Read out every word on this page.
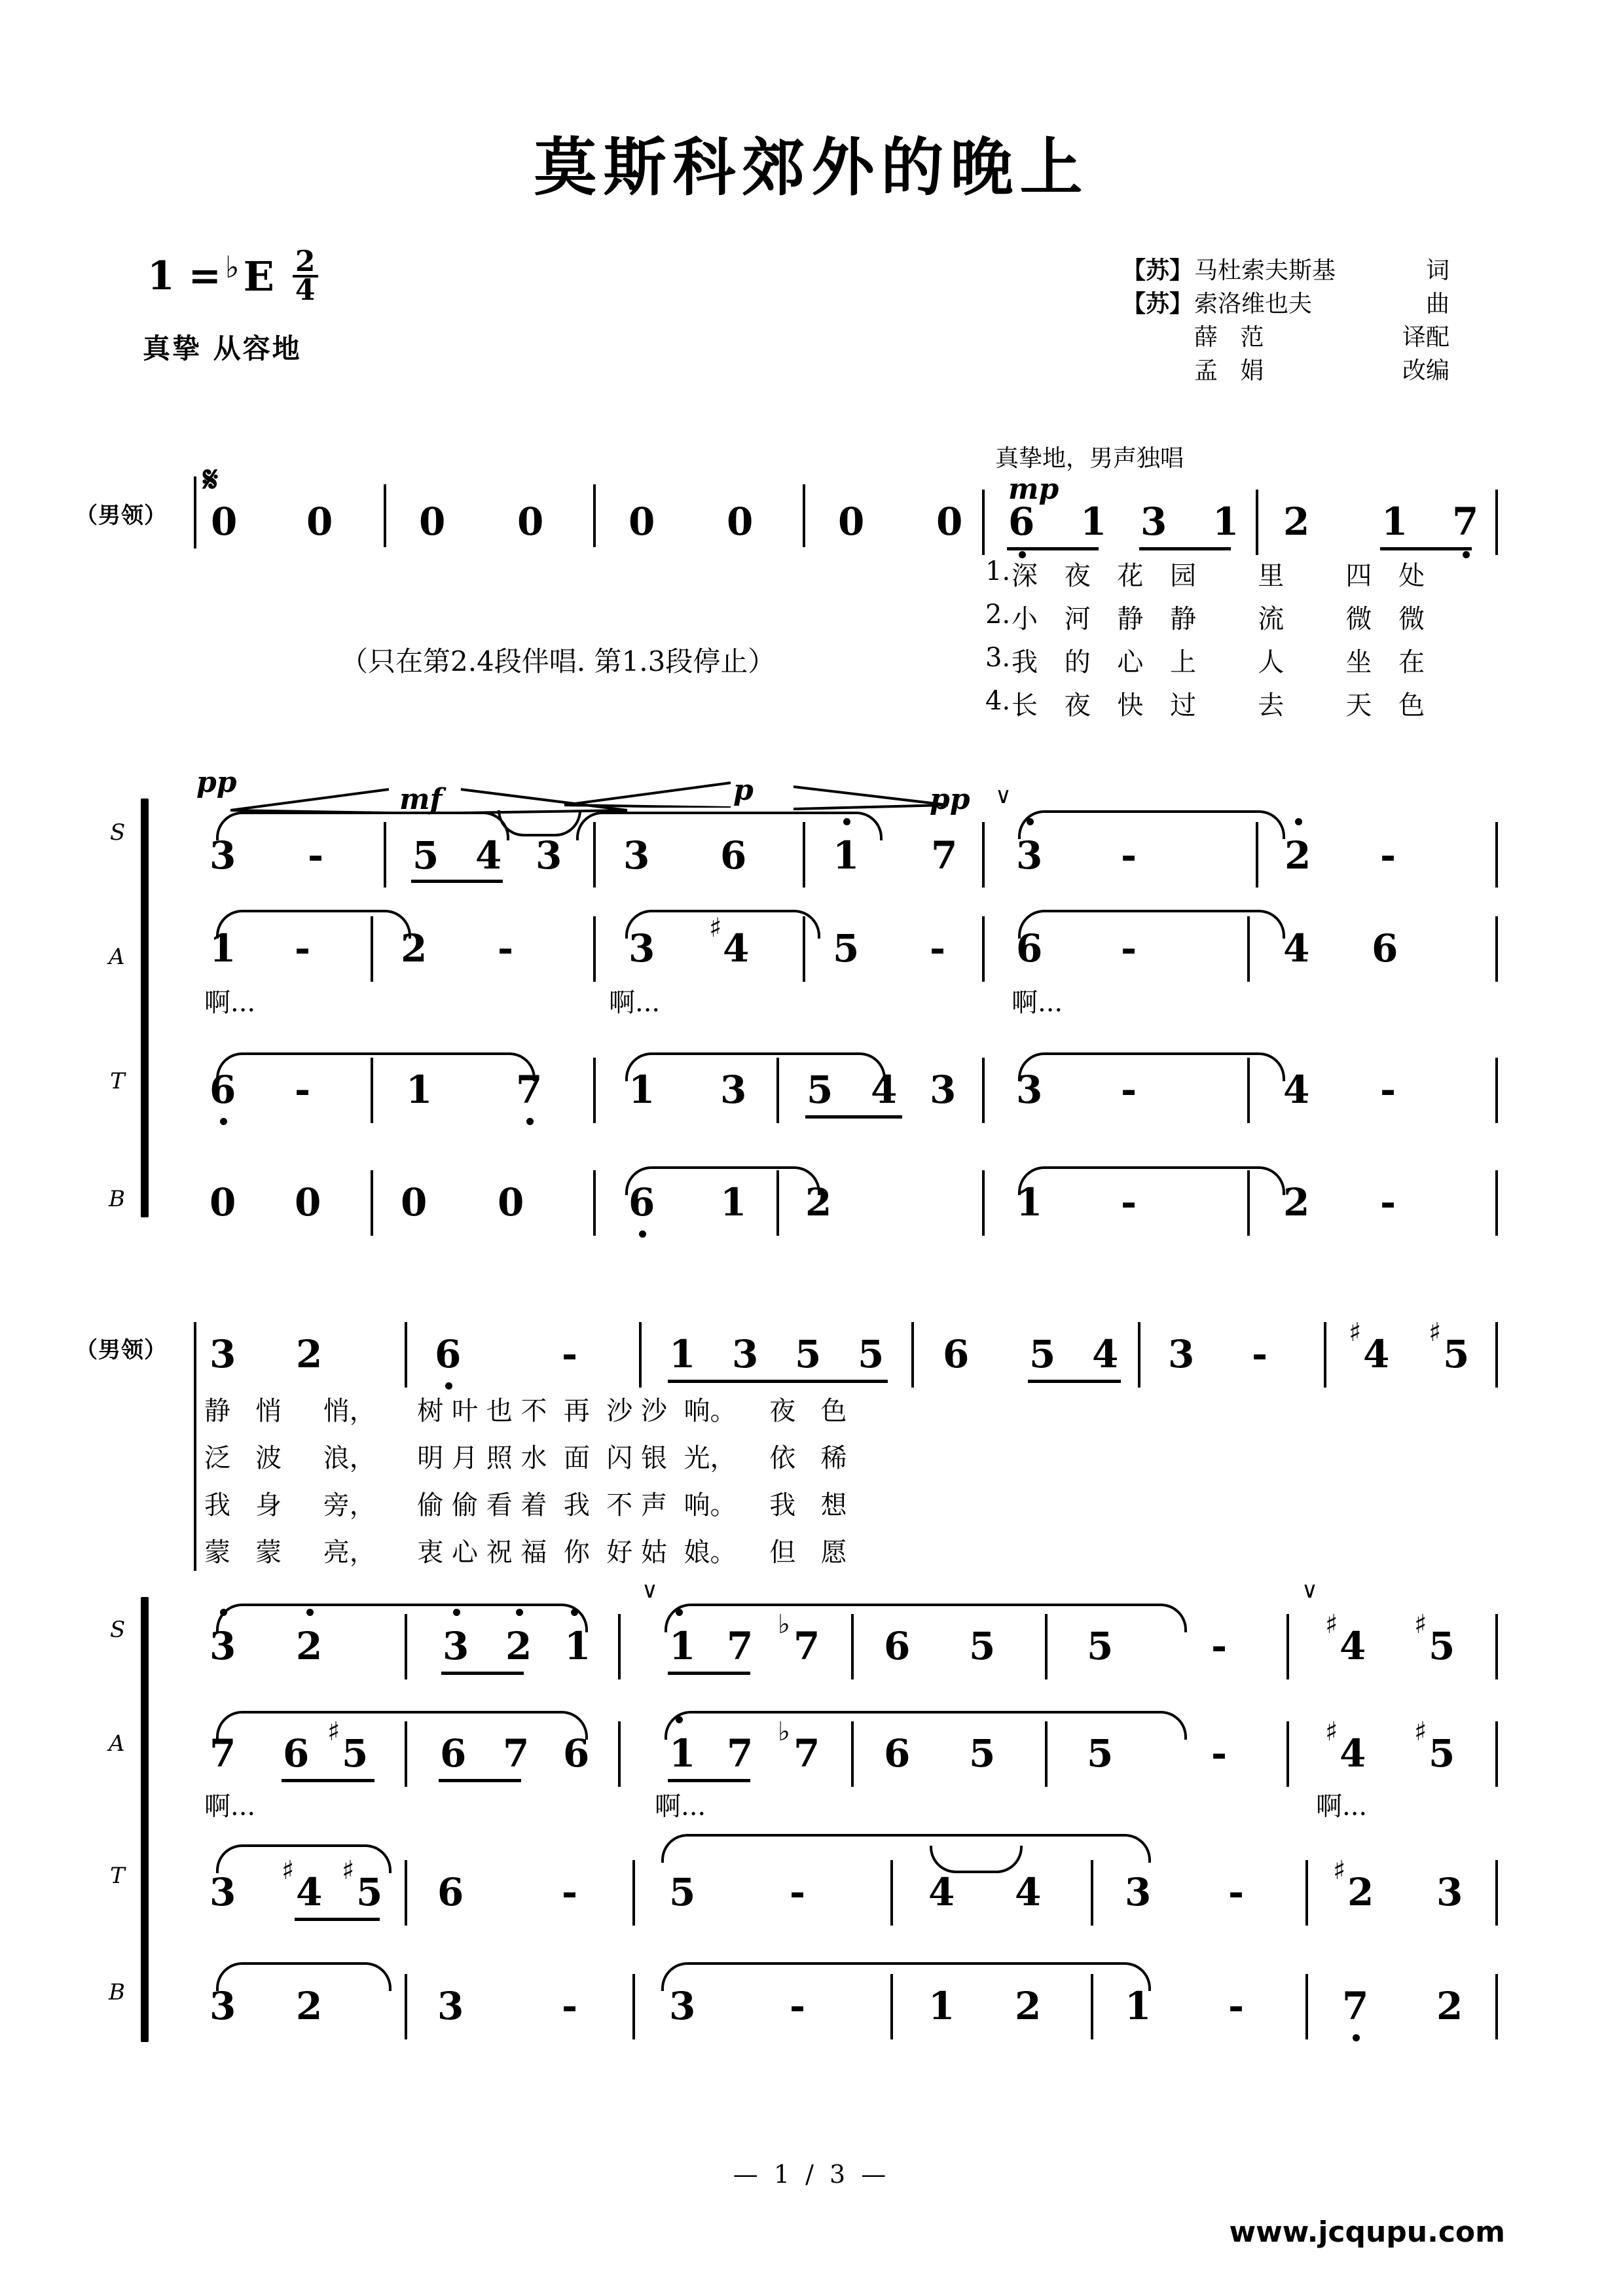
莫斯科郊外的晚上
1 = ♭ E $\frac{2}{4}$
真挚 从容地
【苏】 马杜索夫斯基	词
【苏】 索洛维也夫	曲
薛   范	译配
孟   娟	改编
（男领）
𝄋
0 0 0 0 0 0 0 0
真挚地，男声独唱
mp
6 1 3 1 2 1 7
1. 深 夜 花 园   里   四 处
2. 小 河 静 静   流   微 微
3. 我 的 心 上   人   坐 在
4. 长 夜 快 过   去   天 色
（只在第2.4段伴唱. 第1.3段停止）
S
pp
mf	p	pp ∨
3 - 5 4 3 3 6 1 7 3 -	2 -
A 1 - 2 -	3 ♯ 4 5 - 6 -	4 6
啊...	啊...	啊...
T 6 -	1 7 1 3 5 4 3 3 -	4 -
B 0 0 0 0	6 1 2	1 -	2 -
（男领） 3 2	6	- 1 3 5 5 6 5 4 3 -	♯ 4 ♯ 5
静   悄     悄，     树 叶 也 不  再  沙 沙  响。    夜   色
泛   波     浪，     明 月 照 水  面  闪 银  光，    依   稀
我   身     旁，     偷 偷 看 着  我  不 声  响。    我   想
蒙   蒙     亮，     衷 心 祝 福  你  好 姑  娘。    但   愿
S
∨	∨
3 2	3 2 1 1 7 ♭ 7 6 5 5	-	♯ 4 ♯ 5
A 7 6 ♯ 5 6 7 6 1 7 ♭ 7 6 5 5	-	♯ 4 ♯ 5
啊...	啊...	啊...
T 3 ♯ 4 ♯ 5 6	- 5 -	4 4 3 -	♯ 2 3
B 3 2	3	- 3 -	1 2 1 -	7 2
— 1 / 3 —
www.jcqupu.com
